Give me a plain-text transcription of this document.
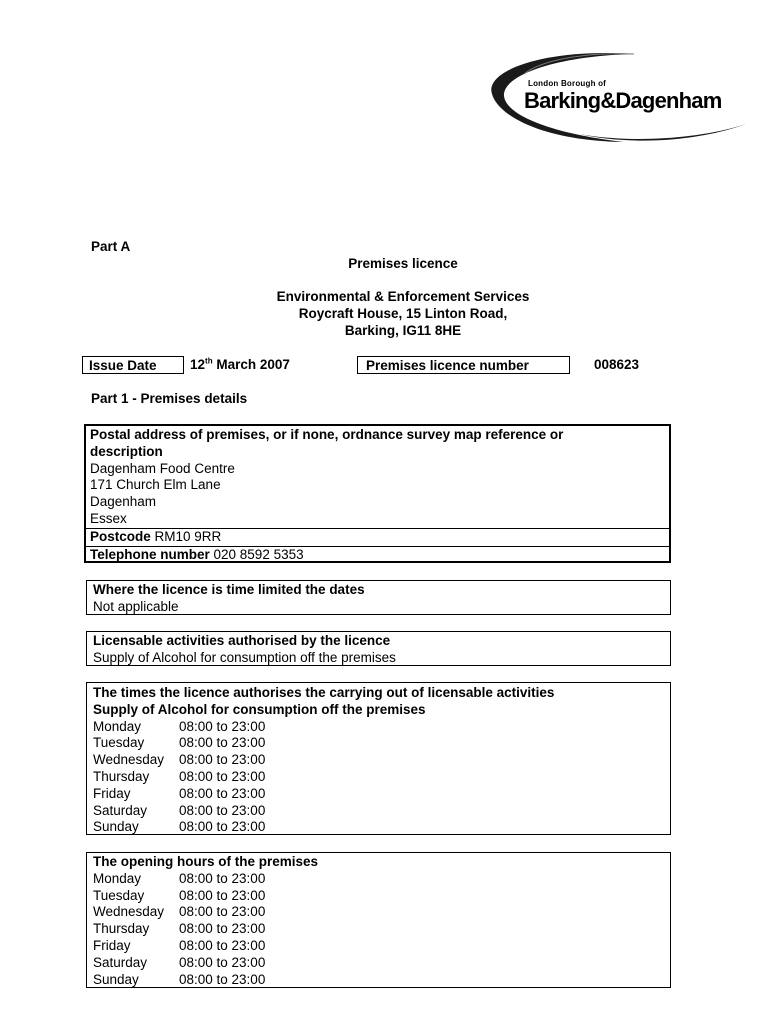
London Borough of
Barking&Dagenham
Part A
Premises licence
Environmental & Enforcement Services
Roycraft House, 15 Linton Road,
Barking, IG11 8HE
Issue Date	12th March 2007	Premises licence number	008623
Part 1 - Premises details
Postal address of premises, or if none, ordnance survey map reference or
description
Dagenham Food Centre
171 Church Elm Lane
Dagenham
Essex
Postcode RM10 9RR
Telephone number 020 8592 5353
Where the licence is time limited the dates
Not applicable
Licensable activities authorised by the licence
Supply of Alcohol for consumption off the premises
The times the licence authorises the carrying out of licensable activities
Supply of Alcohol for consumption off the premises
Monday	08:00 to 23:00
Tuesday	08:00 to 23:00
Wednesday	08:00 to 23:00
Thursday	08:00 to 23:00
Friday	08:00 to 23:00
Saturday	08:00 to 23:00
Sunday	08:00 to 23:00
The opening hours of the premises
Monday	08:00 to 23:00
Tuesday	08:00 to 23:00
Wednesday	08:00 to 23:00
Thursday	08:00 to 23:00
Friday	08:00 to 23:00
Saturday	08:00 to 23:00
Sunday	08:00 to 23:00
